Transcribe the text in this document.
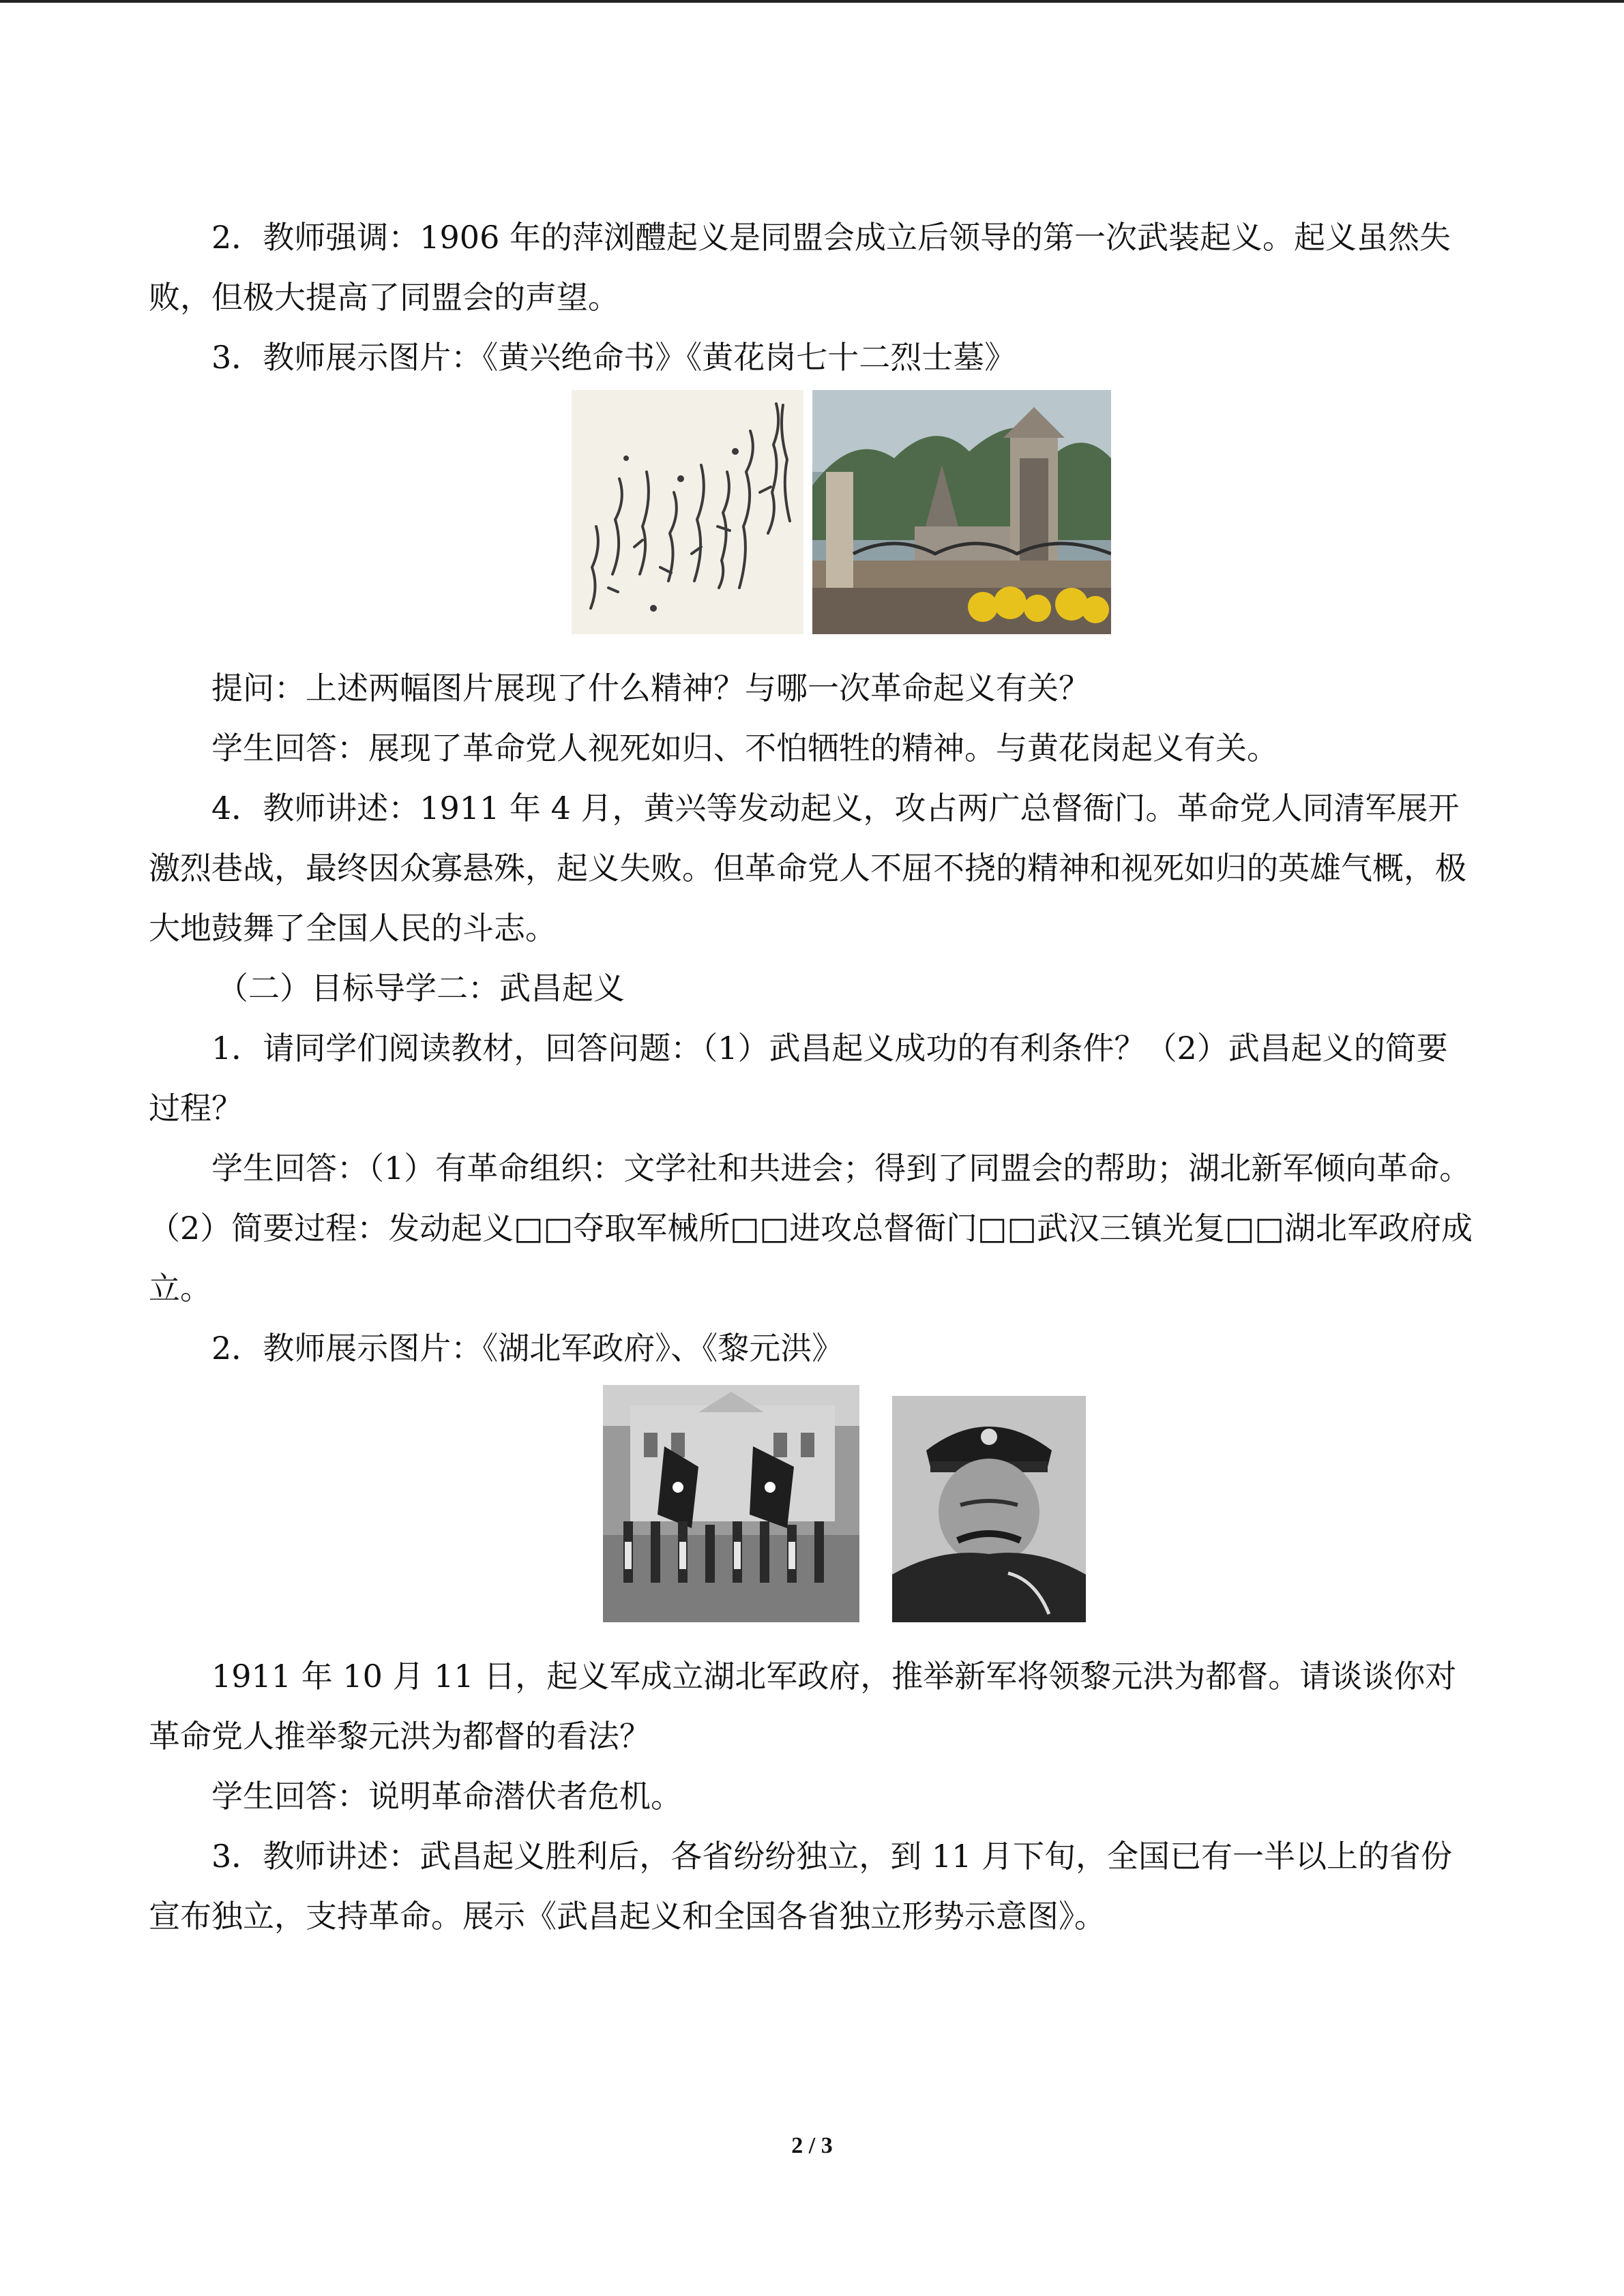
2．教师强调：1906 年的萍浏醴起义是同盟会成立后领导的第一次武装起义。起义虽然失败，但极大提高了同盟会的声望。

3．教师展示图片：《黄兴绝命书》《黄花岗七十二烈士墓》

提问：上述两幅图片展现了什么精神？与哪一次革命起义有关？

学生回答：展现了革命党人视死如归、不怕牺牲的精神。与黄花岗起义有关。

4．教师讲述：1911 年 4 月，黄兴等发动起义，攻占两广总督衙门。革命党人同清军展开激烈巷战，最终因众寡悬殊，起义失败。但革命党人不屈不挠的精神和视死如归的英雄气概，极大地鼓舞了全国人民的斗志。

（二）目标导学二：武昌起义

1．请同学们阅读教材，回答问题：（1）武昌起义成功的有利条件？（2）武昌起义的简要过程？

学生回答：（1）有革命组织：文学社和共进会；得到了同盟会的帮助；湖北新军倾向革命。（2）简要过程：发动起义□□夺取军械所□□进攻总督衙门□□武汉三镇光复□□湖北军政府成立。

2．教师展示图片：《湖北军政府》、《黎元洪》

1911 年 10 月 11 日，起义军成立湖北军政府，推举新军将领黎元洪为都督。请谈谈你对革命党人推举黎元洪为都督的看法？

学生回答：说明革命潜伏者危机。

3．教师讲述：武昌起义胜利后，各省纷纷独立，到 11 月下旬，全国已有一半以上的省份宣布独立，支持革命。展示《武昌起义和全国各省独立形势示意图》。

2 / 3
